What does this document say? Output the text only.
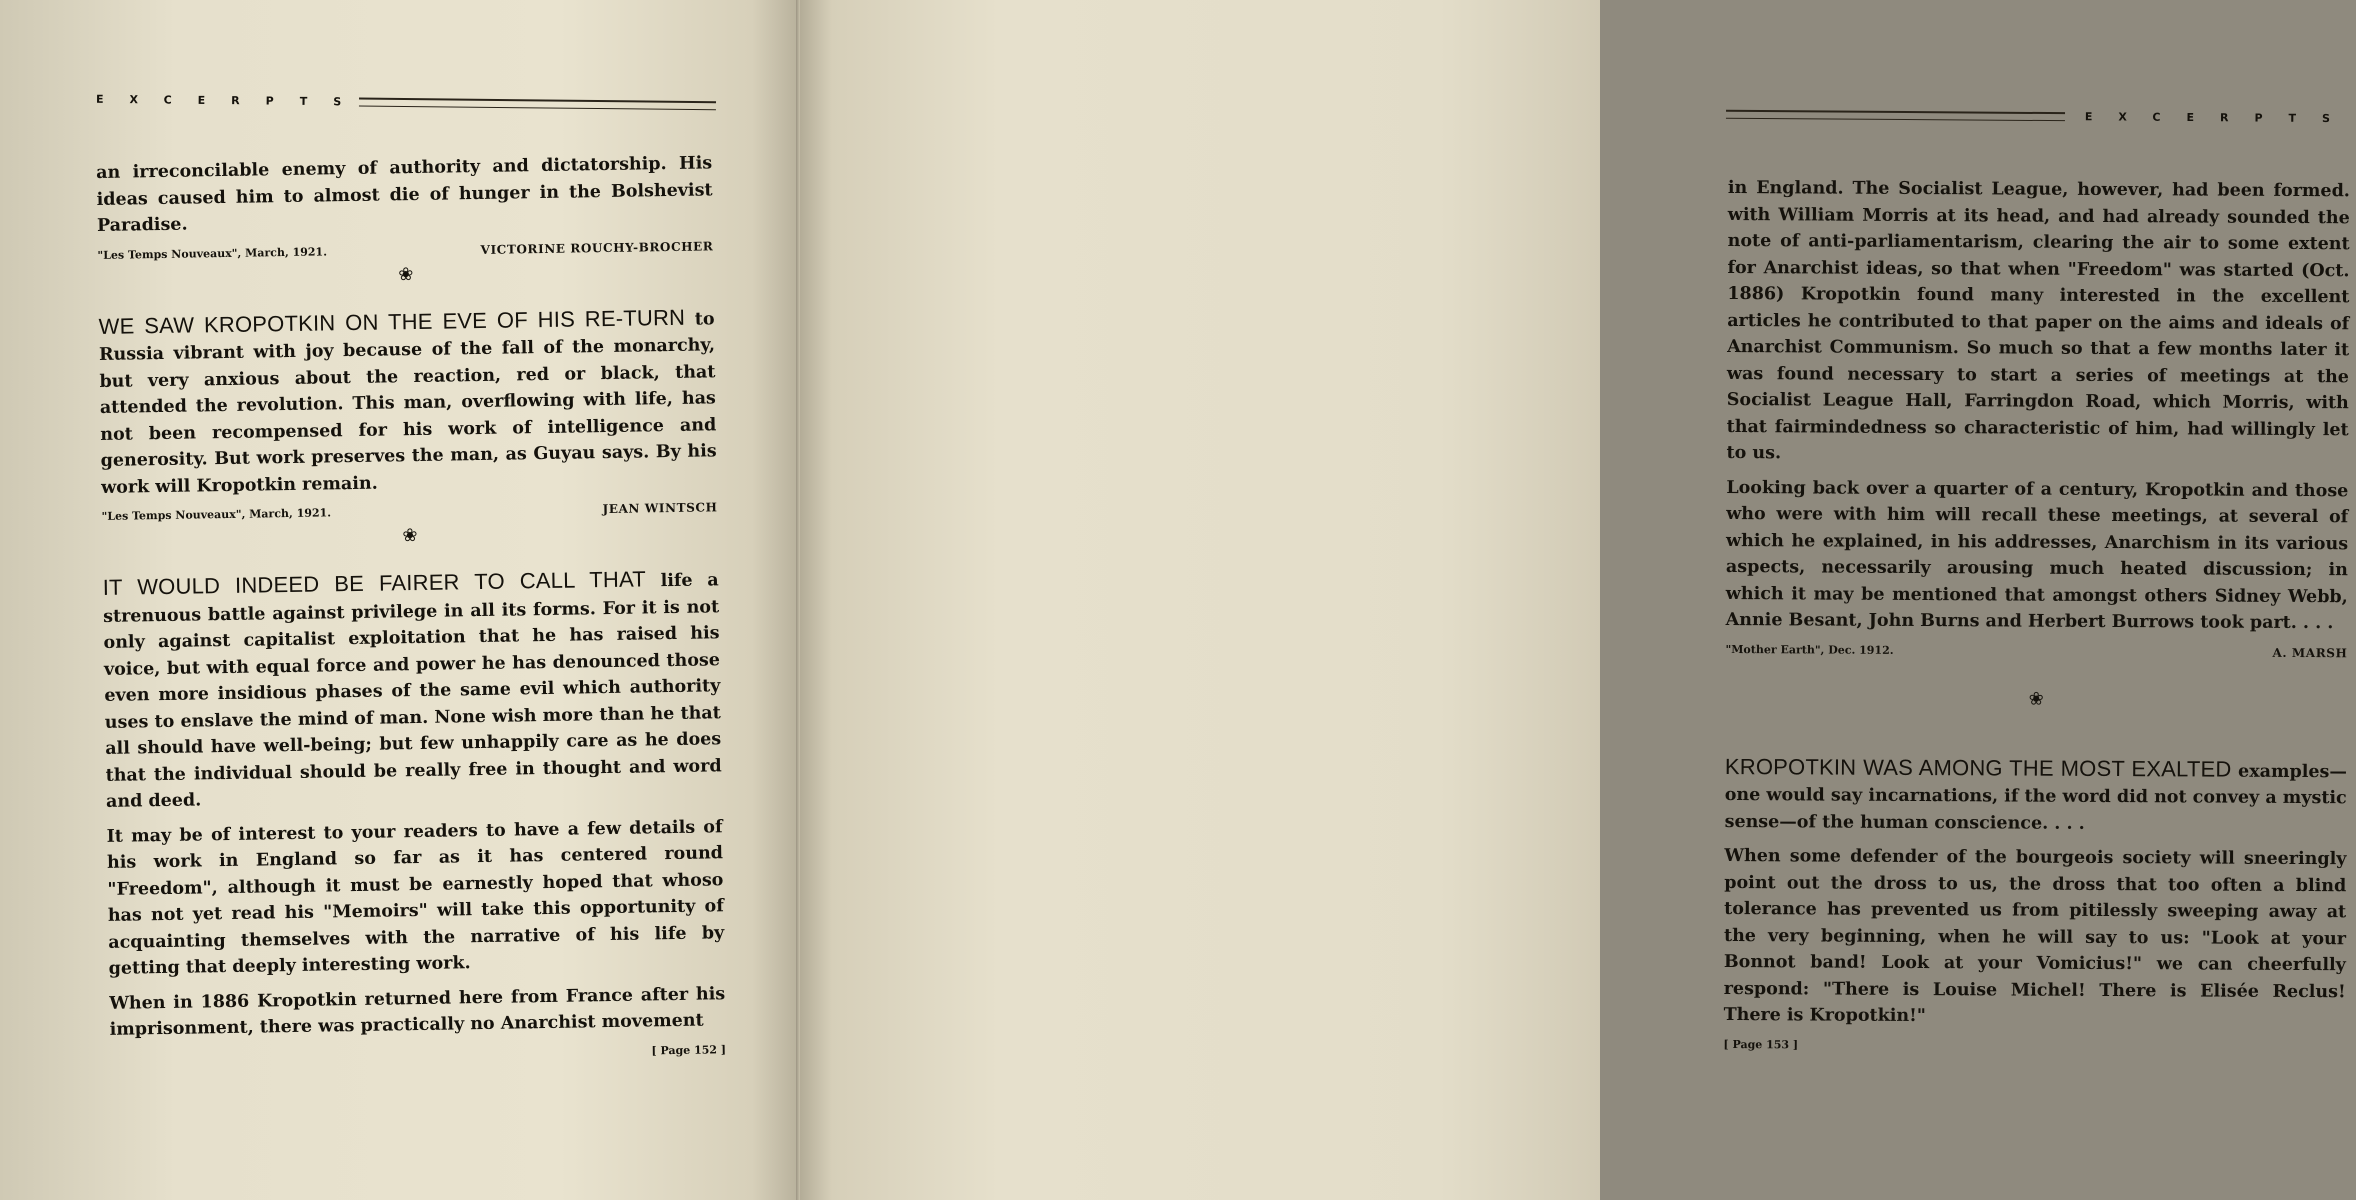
EXCERPTS

an irreconcilable enemy of authority and dictatorship. His ideas caused him to almost die of hunger in the Bolshevist Paradise.

"Les Temps Nouveaux", March, 1921.	VICTORINE ROUCHY-BROCHER
❀

WE SAW KROPOTKIN ON THE EVE OF HIS RE-TURN to Russia vibrant with joy because of the fall of the monarchy, but very anxious about the reaction, red or black, that attended the revolution. This man, overflowing with life, has not been recompensed for his work of intelligence and generosity. But work preserves the man, as Guyau says. By his work will Kropotkin remain.

"Les Temps Nouveaux", March, 1921.	JEAN WINTSCH
❀

IT WOULD INDEED BE FAIRER TO CALL THAT life a strenuous battle against privilege in all its forms. For it is not only against capitalist exploitation that he has raised his voice, but with equal force and power he has denounced those even more insidious phases of the same evil which authority uses to enslave the mind of man. None wish more than he that all should have well-being; but few unhappily care as he does that the individual should be really free in thought and word and deed.

It may be of interest to your readers to have a few details of his work in England so far as it has centered round "Freedom", although it must be earnestly hoped that whoso has not yet read his "Memoirs" will take this opportunity of acquainting themselves with the narrative of his life by getting that deeply interesting work.

When in 1886 Kropotkin returned here from France after his imprisonment, there was practically no Anarchist movement

[ Page 152 ]
EXCERPTS

in England. The Socialist League, however, had been formed. with William Morris at its head, and had already sounded the note of anti-parliamentarism, clearing the air to some extent for Anarchist ideas, so that when "Freedom" was started (Oct. 1886) Kropotkin found many interested in the excellent articles he contributed to that paper on the aims and ideals of Anarchist Communism. So much so that a few months later it was found necessary to start a series of meetings at the Socialist League Hall, Farringdon Road, which Morris, with that fairmindedness so characteristic of him, had willingly let to us.

Looking back over a quarter of a century, Kropotkin and those who were with him will recall these meetings, at several of which he explained, in his addresses, Anarchism in its various aspects, necessarily arousing much heated discussion; in which it may be mentioned that amongst others Sidney Webb, Annie Besant, John Burns and Herbert Burrows took part. . . .

"Mother Earth", Dec. 1912.	A. MARSH
❀

KROPOTKIN WAS AMONG THE MOST EXALTED examples—one would say incarnations, if the word did not convey a mystic sense—of the human conscience. . . .

When some defender of the bourgeois society will sneeringly point out the dross to us, the dross that too often a blind tolerance has prevented us from pitilessly sweeping away at the very beginning, when he will say to us: "Look at your Bonnot band! Look at your Vomicius!" we can cheerfully respond: "There is Louise Michel! There is Elisée Reclus! There is Kropotkin!"

[ Page 153 ]
